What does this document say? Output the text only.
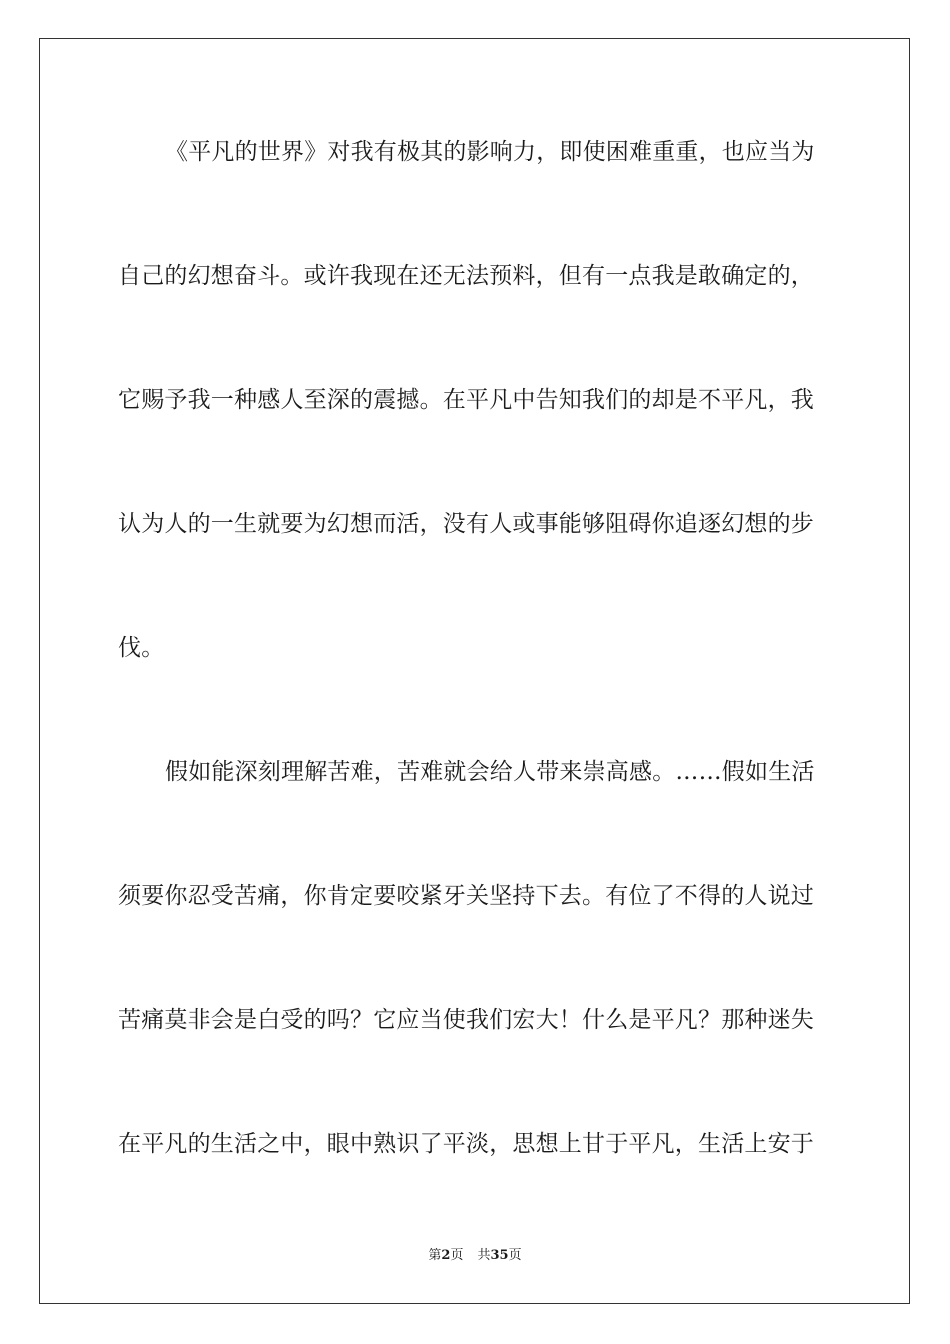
《平凡的世界》对我有极其的影响力，即使困难重重，也应当为
自己的幻想奋斗。或许我现在还无法预料，但有一点我是敢确定的，
它赐予我一种感人至深的震撼。在平凡中告知我们的却是不平凡，我
认为人的一生就要为幻想而活，没有人或事能够阻碍你追逐幻想的步
伐。
假如能深刻理解苦难，苦难就会给人带来崇高感。……假如生活
须要你忍受苦痛，你肯定要咬紧牙关坚持下去。有位了不得的人说过
苦痛莫非会是白受的吗？它应当使我们宏大！什么是平凡？那种迷失
在平凡的生活之中，眼中熟识了平淡，思想上甘于平凡，生活上安于
第2页 共35页
